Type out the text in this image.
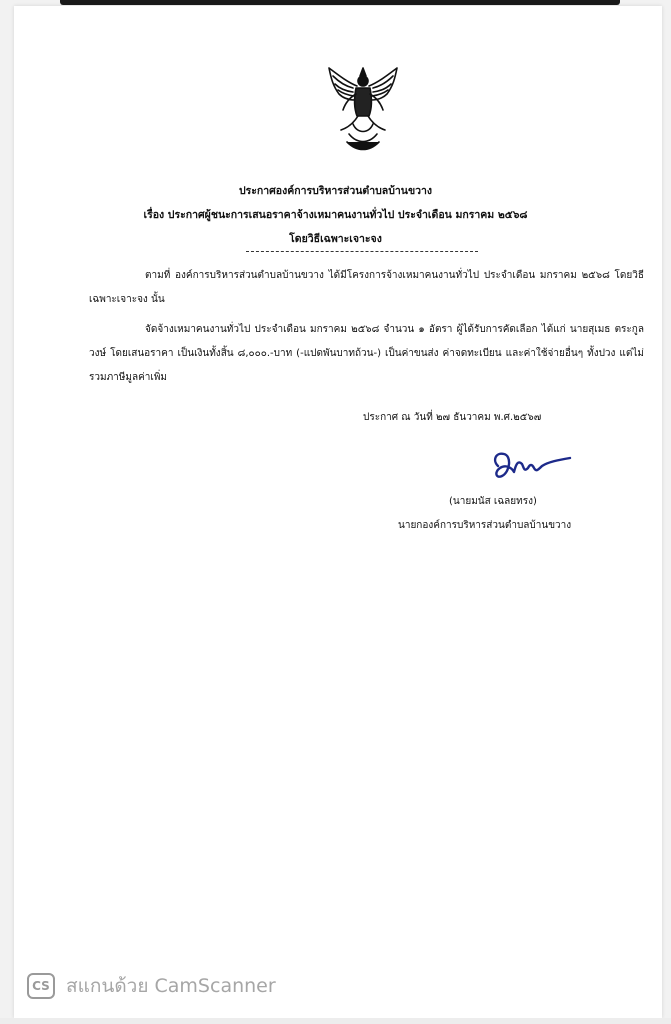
ประกาศองค์การบริหารส่วนตำบลบ้านขวาง
เรื่อง ประกาศผู้ชนะการเสนอราคาจ้างเหมาคนงานทั่วไป ประจำเดือน มกราคม ๒๕๖๘
โดยวิธีเฉพาะเจาะจง
ตามที่ องค์การบริหารส่วนตำบลบ้านขวาง ได้มีโครงการจ้างเหมาคนงานทั่วไป ประจำเดือน มกราคม ๒๕๖๘ โดยวิธีเฉพาะเจาะจง นั้น
จัดจ้างเหมาคนงานทั่วไป ประจำเดือน มกราคม ๒๕๖๘ จำนวน ๑ อัตรา ผู้ได้รับการคัดเลือก ได้แก่ นายสุเมธ ตระกูลวงษ์ โดยเสนอราคา เป็นเงินทั้งสิ้น ๘,๐๐๐.-บาท (-แปดพันบาทถ้วน-) เป็นค่าขนส่ง ค่าจดทะเบียน และค่าใช้จ่ายอื่นๆ ทั้งปวง แต่ไม่รวมภาษีมูลค่าเพิ่ม
ประกาศ ณ วันที่ ๒๗ ธันวาคม พ.ศ.๒๕๖๗
(นายมนัส เฉลยทรง)
นายกองค์การบริหารส่วนตำบลบ้านขวาง
CS สแกนด้วย CamScanner
